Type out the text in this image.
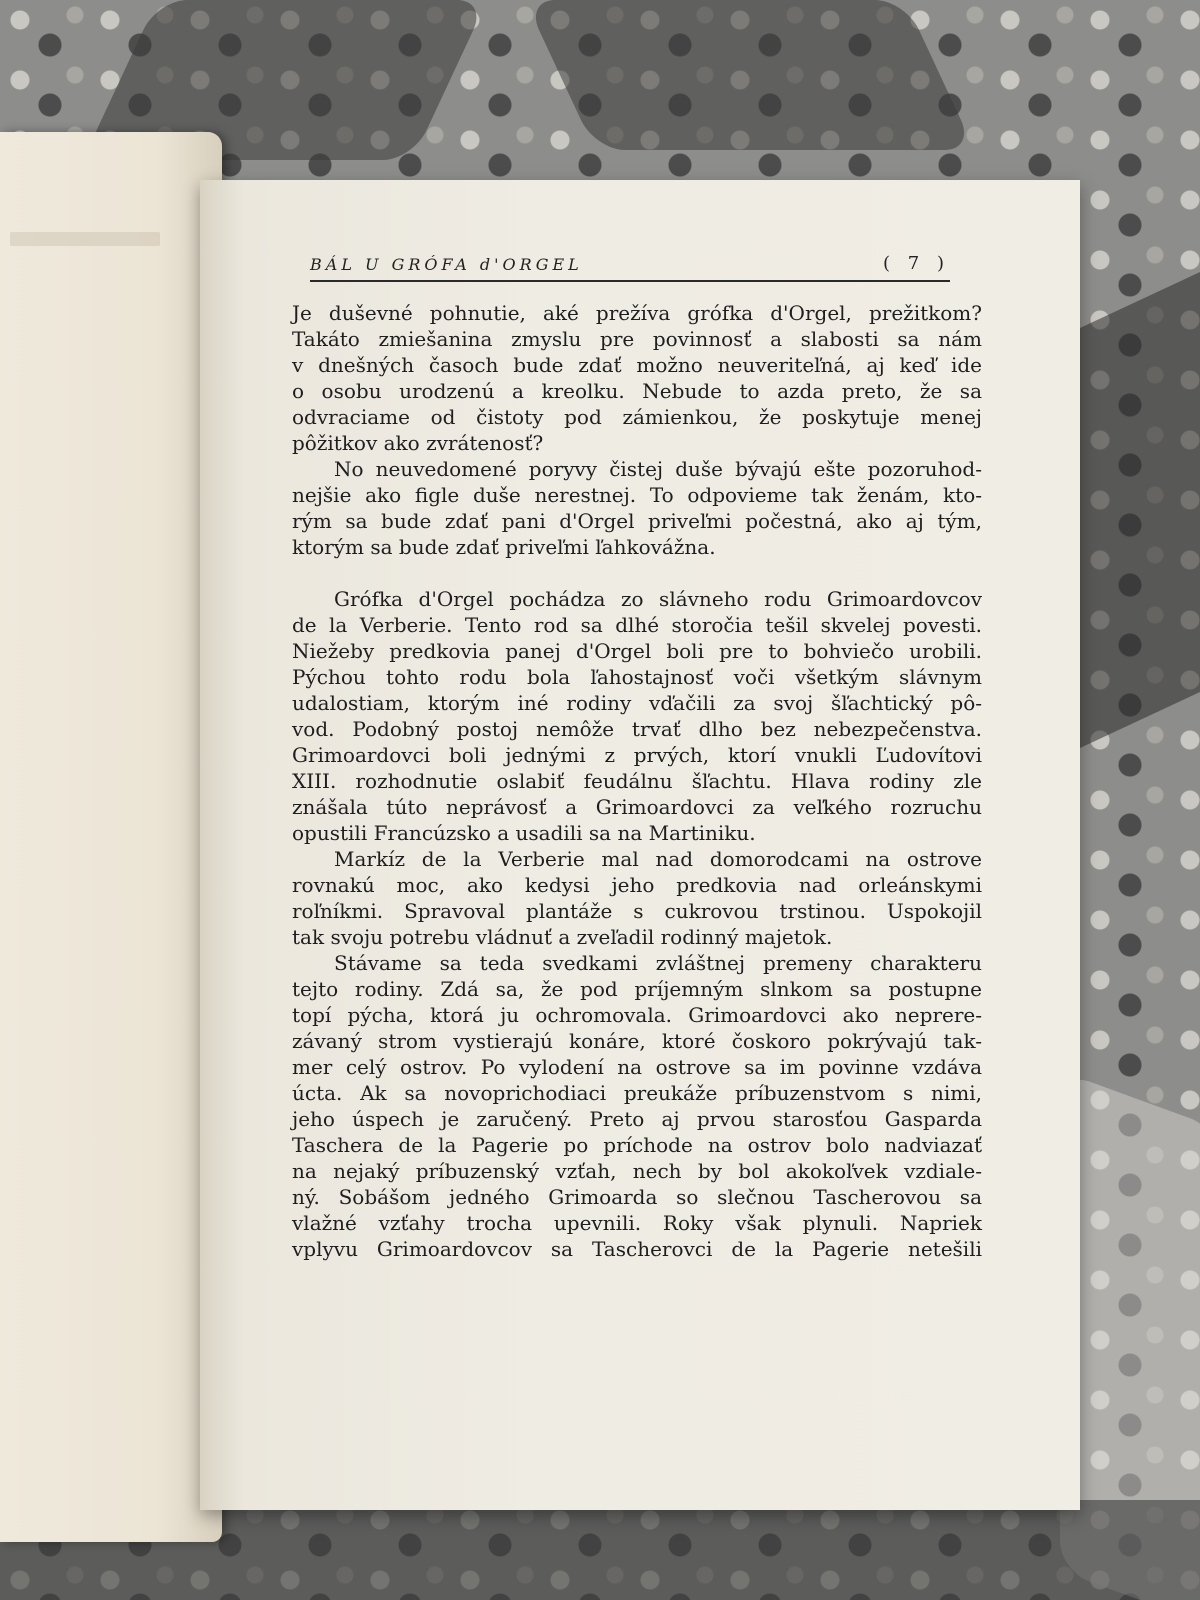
BÁL U GRÓFA d'ORGEL	( 7 )
Je duševné pohnutie, aké prežíva grófka d'Orgel, prežitkom?
Takáto zmiešanina zmyslu pre povinnosť a slabosti sa nám
v dnešných časoch bude zdať možno neuveriteľná, aj keď ide
o osobu urodzenú a kreolku. Nebude to azda preto, že sa
odvraciame od čistoty pod zámienkou, že poskytuje menej
pôžitkov ako zvrátenosť?
No neuvedomené poryvy čistej duše bývajú ešte pozoruhod-
nejšie ako figle duše nerestnej. To odpovieme tak ženám, kto-
rým sa bude zdať pani d'Orgel priveľmi počestná, ako aj tým,
ktorým sa bude zdať priveľmi ľahkovážna.
Grófka d'Orgel pochádza zo slávneho rodu Grimoardovcov
de la Verberie. Tento rod sa dlhé storočia tešil skvelej povesti.
Niežeby predkovia panej d'Orgel boli pre to bohviečo urobili.
Pýchou tohto rodu bola ľahostajnosť voči všetkým slávnym
udalostiam, ktorým iné rodiny vďačili za svoj šľachtický pô-
vod. Podobný postoj nemôže trvať dlho bez nebezpečenstva.
Grimoardovci boli jednými z prvých, ktorí vnukli Ľudovítovi
XIII. rozhodnutie oslabiť feudálnu šľachtu. Hlava rodiny zle
znášala túto neprávosť a Grimoardovci za veľkého rozruchu
opustili Francúzsko a usadili sa na Martiniku.
Markíz de la Verberie mal nad domorodcami na ostrove
rovnakú moc, ako kedysi jeho predkovia nad orleánskymi
roľníkmi. Spravoval plantáže s cukrovou trstinou. Uspokojil
tak svoju potrebu vládnuť a zveľadil rodinný majetok.
Stávame sa teda svedkami zvláštnej premeny charakteru
tejto rodiny. Zdá sa, že pod príjemným slnkom sa postupne
topí pýcha, ktorá ju ochromovala. Grimoardovci ako neprere-
závaný strom vystierajú konáre, ktoré čoskoro pokrývajú tak-
mer celý ostrov. Po vylodení na ostrove sa im povinne vzdáva
úcta. Ak sa novoprichodiaci preukáže príbuzenstvom s nimi,
jeho úspech je zaručený. Preto aj prvou starosťou Gasparda
Taschera de la Pagerie po príchode na ostrov bolo nadviazať
na nejaký príbuzenský vzťah, nech by bol akokoľvek vzdiale-
ný. Sobášom jedného Grimoarda so slečnou Tascherovou sa
vlažné vzťahy trocha upevnili. Roky však plynuli. Napriek
vplyvu Grimoardovcov sa Tascherovci de la Pagerie netešili
